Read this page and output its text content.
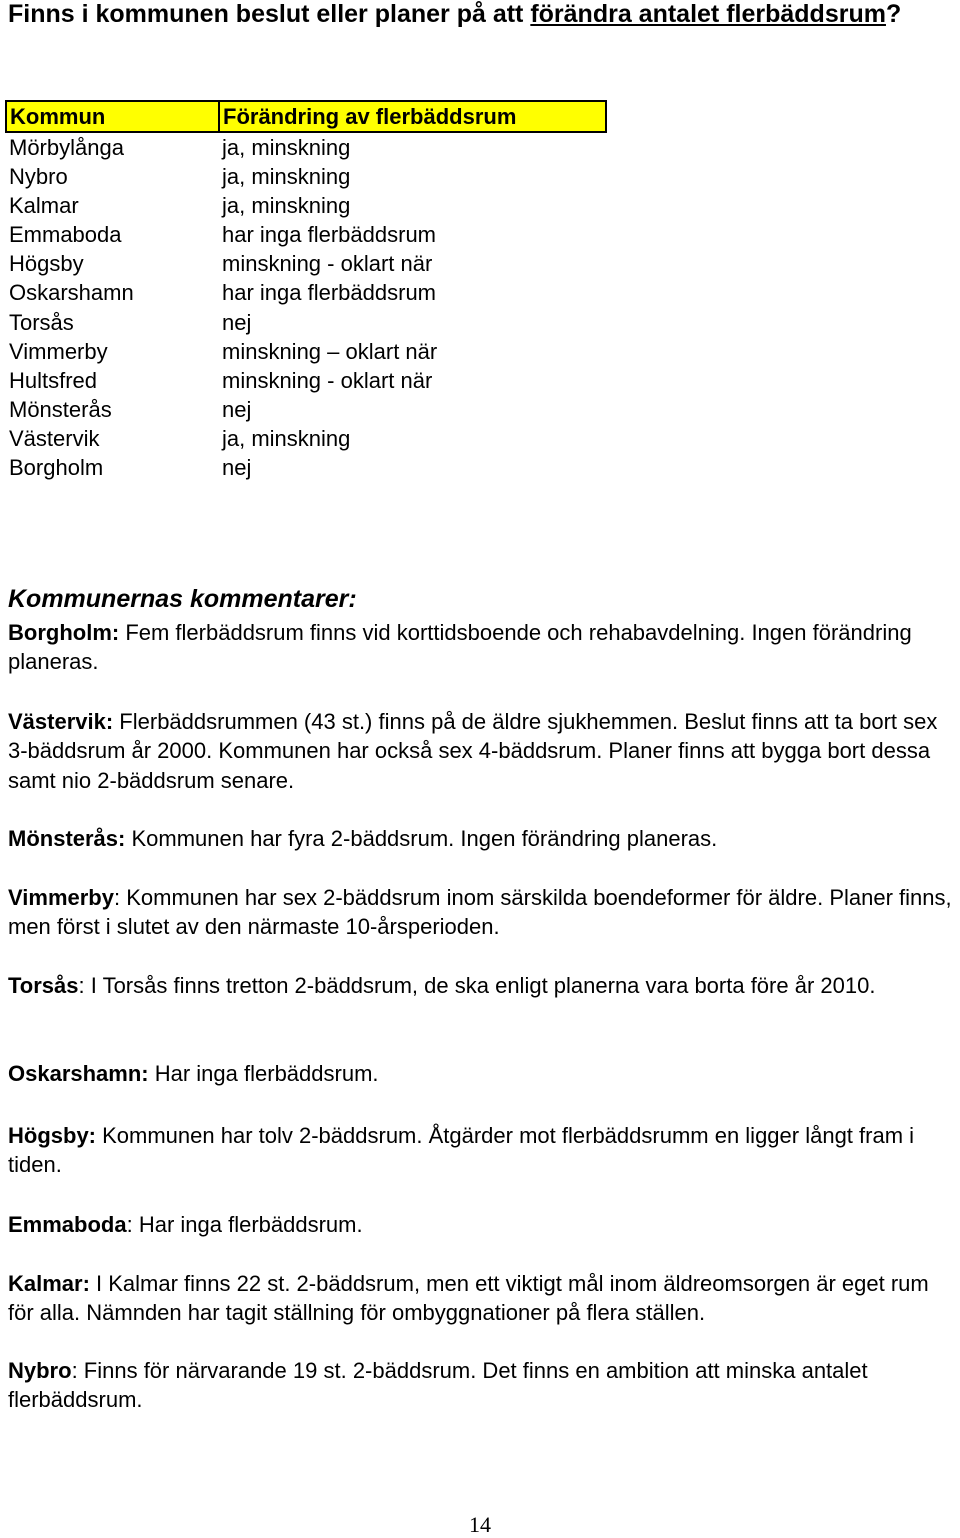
Finns i kommunen beslut eller planer på att förändra antalet flerbäddsrum?
Kommun	Förändring av flerbäddsrum
Mörbylånga	ja, minskning
Nybro	ja, minskning
Kalmar	ja, minskning
Emmaboda	har inga flerbäddsrum
Högsby	minskning - oklart när
Oskarshamn	har inga flerbäddsrum
Torsås	nej
Vimmerby	minskning – oklart när
Hultsfred	minskning - oklart när
Mönsterås	nej
Västervik	ja, minskning
Borgholm	nej
Kommunernas kommentarer:

Borgholm: Fem flerbäddsrum finns vid korttidsboende och rehabavdelning. Ingen förändring planeras.

Västervik: Flerbäddsrummen (43 st.) finns på de äldre sjukhemmen. Beslut finns att ta bort sex 3-bäddsrum år 2000. Kommunen har också sex 4-bäddsrum. Planer finns att bygga bort dessa samt nio 2-bäddsrum senare.

Mönsterås: Kommunen har fyra 2-bäddsrum. Ingen förändring planeras.

Vimmerby: Kommunen har sex 2-bäddsrum inom särskilda boendeformer för äldre. Planer finns, men först i slutet av den närmaste 10-årsperioden.

Torsås: I Torsås finns tretton 2-bäddsrum, de ska enligt planerna vara borta före år 2010.

Oskarshamn: Har inga flerbäddsrum.

Högsby: Kommunen har tolv 2-bäddsrum. Åtgärder mot flerbäddsrumm en ligger långt fram i tiden.

Emmaboda: Har inga flerbäddsrum.

Kalmar: I Kalmar finns 22 st. 2-bäddsrum, men ett viktigt mål inom äldreomsorgen är eget rum för alla. Nämnden har tagit ställning för ombyggnationer på flera ställen.

Nybro: Finns för närvarande 19 st. 2-bäddsrum. Det finns en ambition att minska antalet flerbäddsrum.

14
